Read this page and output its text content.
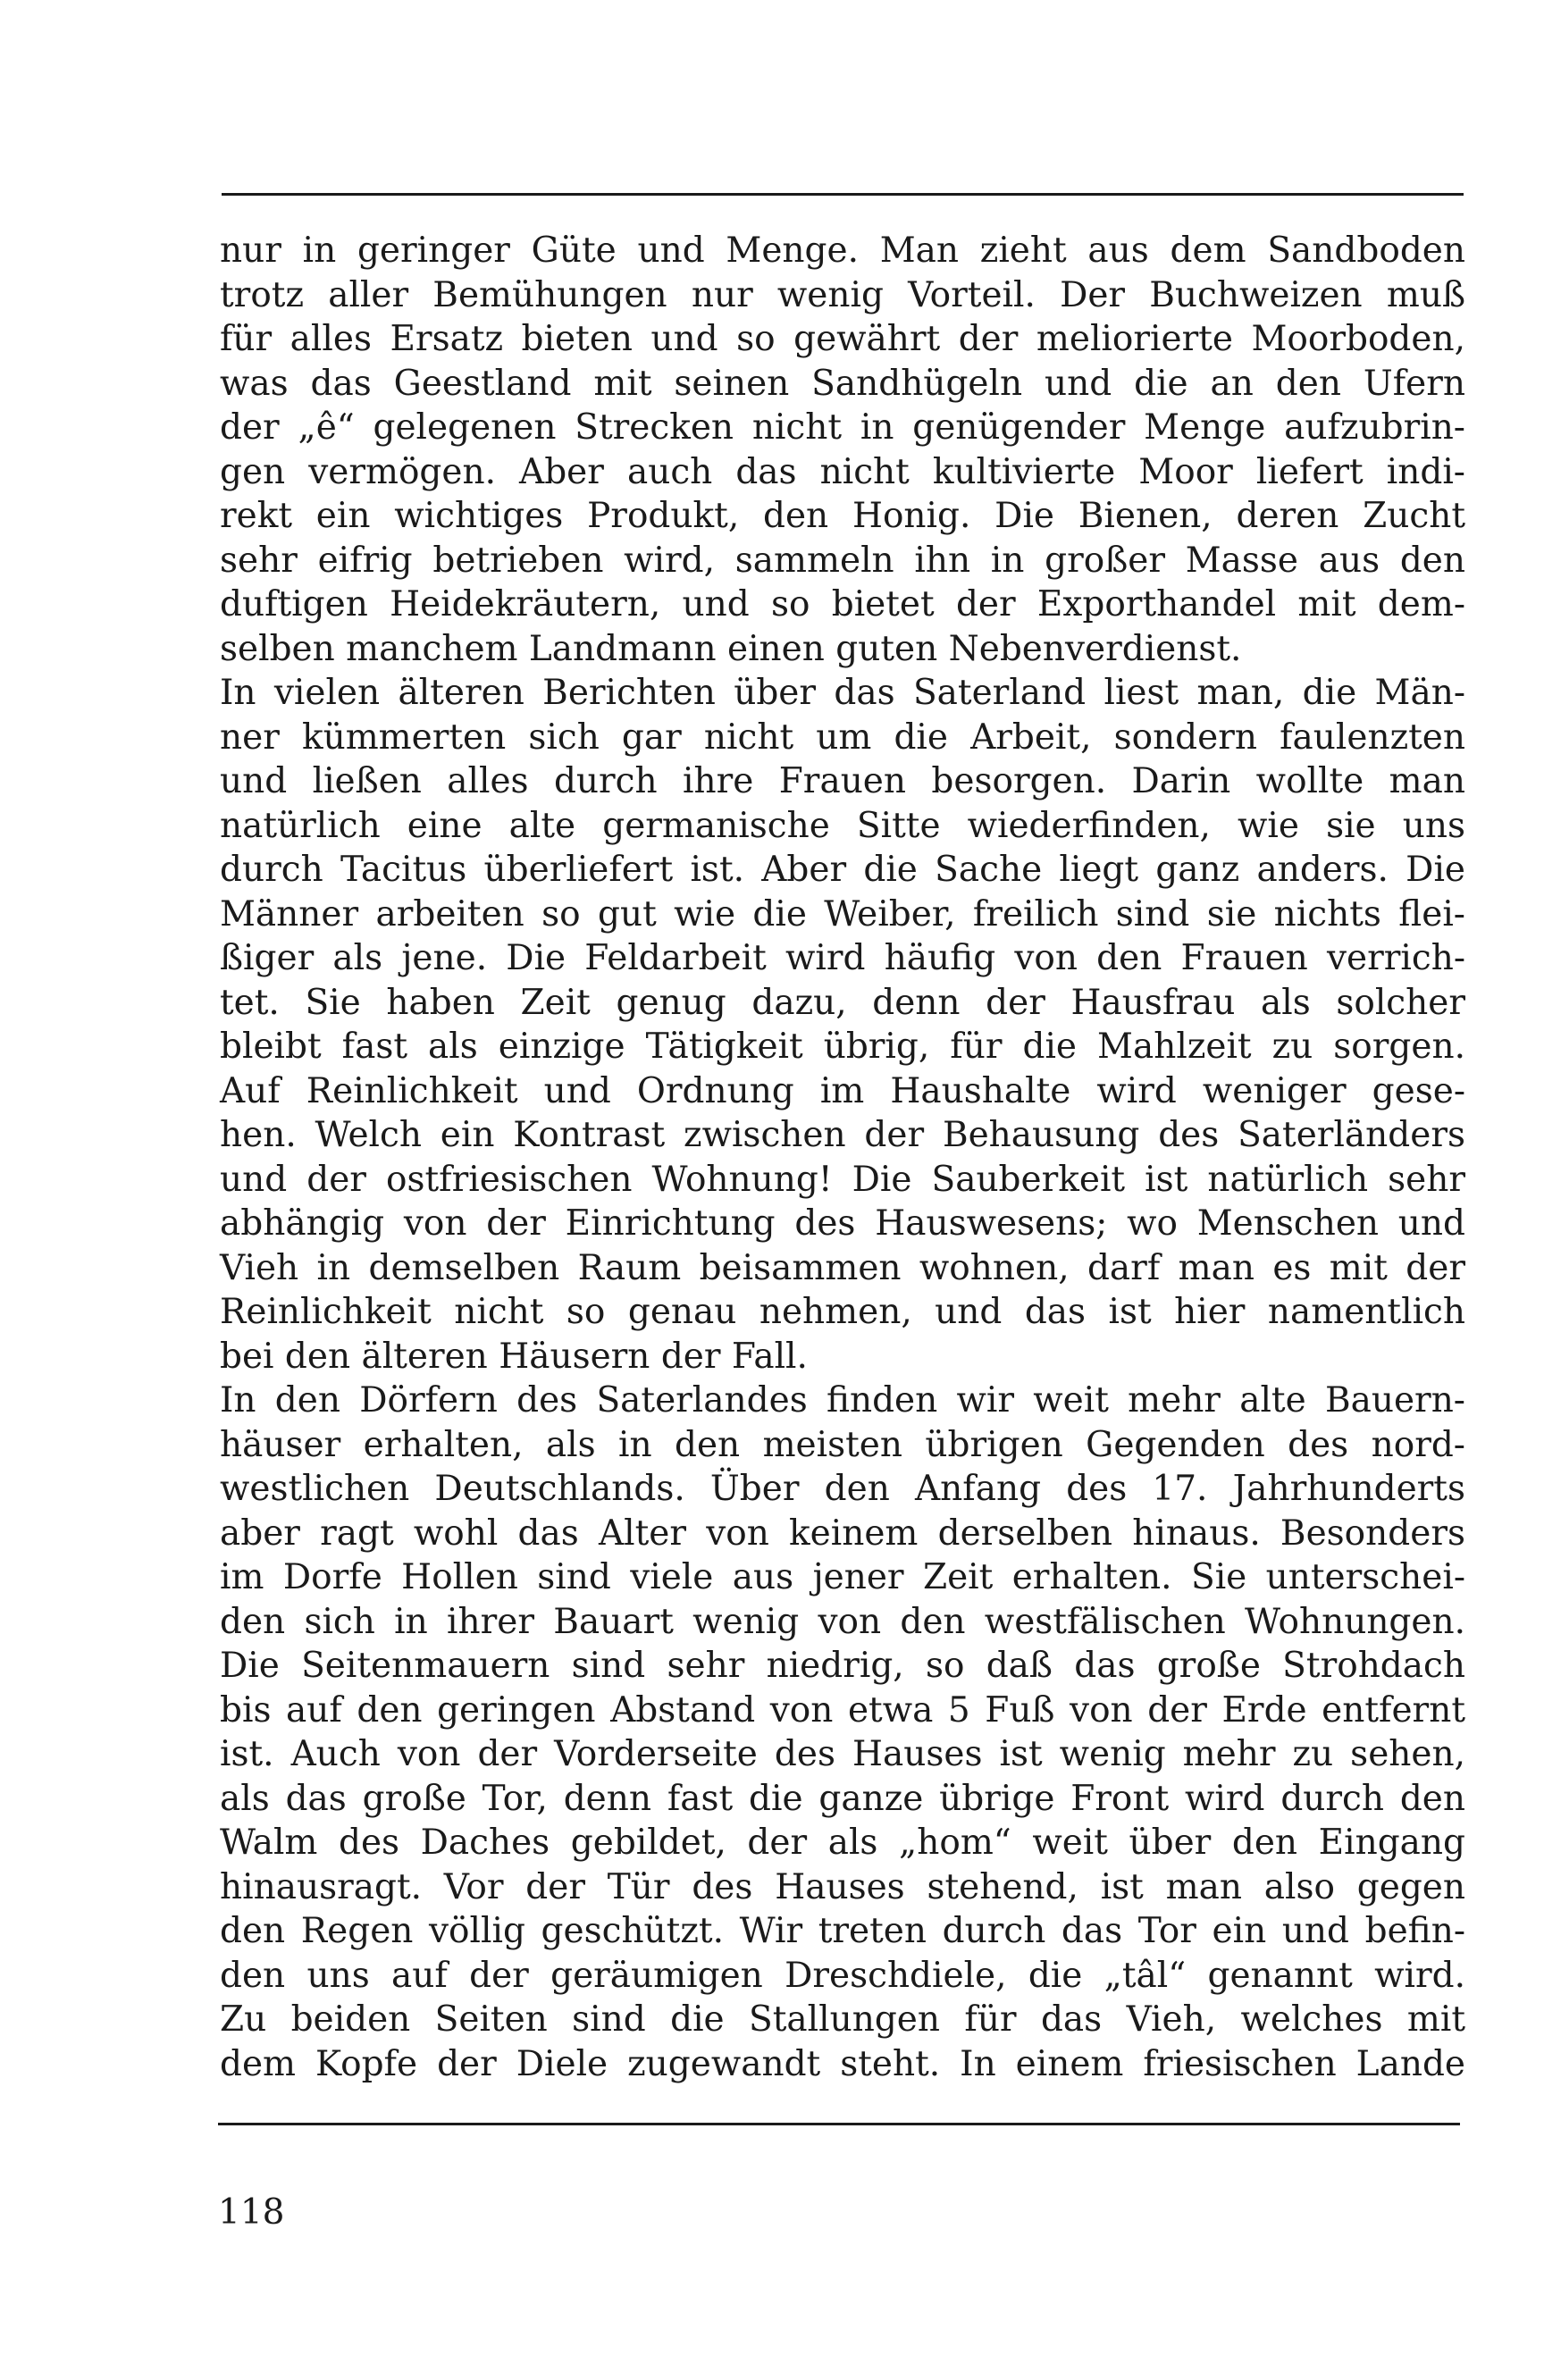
nur in geringer Güte und Menge. Man zieht aus dem Sandboden
trotz aller Bemühungen nur wenig Vorteil. Der Buchweizen muß
für alles Ersatz bieten und so gewährt der meliorierte Moorboden,
was das Geestland mit seinen Sandhügeln und die an den Ufern
der „ê“ gelegenen Strecken nicht in genügender Menge aufzubrin-
gen vermögen. Aber auch das nicht kultivierte Moor liefert indi-
rekt ein wichtiges Produkt, den Honig. Die Bienen, deren Zucht
sehr eifrig betrieben wird, sammeln ihn in großer Masse aus den
duftigen Heidekräutern, und so bietet der Exporthandel mit dem-
selben manchem Landmann einen guten Nebenverdienst.
In vielen älteren Berichten über das Saterland liest man, die Män-
ner kümmerten sich gar nicht um die Arbeit, sondern faulenzten
und ließen alles durch ihre Frauen besorgen. Darin wollte man
natürlich eine alte germanische Sitte wiederfinden, wie sie uns
durch Tacitus überliefert ist. Aber die Sache liegt ganz anders. Die
Männer arbeiten so gut wie die Weiber, freilich sind sie nichts flei-
ßiger als jene. Die Feldarbeit wird häufig von den Frauen verrich-
tet. Sie haben Zeit genug dazu, denn der Hausfrau als solcher
bleibt fast als einzige Tätigkeit übrig, für die Mahlzeit zu sorgen.
Auf Reinlichkeit und Ordnung im Haushalte wird weniger gese-
hen. Welch ein Kontrast zwischen der Behausung des Saterländers
und der ostfriesischen Wohnung! Die Sauberkeit ist natürlich sehr
abhängig von der Einrichtung des Hauswesens; wo Menschen und
Vieh in demselben Raum beisammen wohnen, darf man es mit der
Reinlichkeit nicht so genau nehmen, und das ist hier namentlich
bei den älteren Häusern der Fall.
In den Dörfern des Saterlandes finden wir weit mehr alte Bauern-
häuser erhalten, als in den meisten übrigen Gegenden des nord-
westlichen Deutschlands. Über den Anfang des 17. Jahrhunderts
aber ragt wohl das Alter von keinem derselben hinaus. Besonders
im Dorfe Hollen sind viele aus jener Zeit erhalten. Sie unterschei-
den sich in ihrer Bauart wenig von den westfälischen Wohnungen.
Die Seitenmauern sind sehr niedrig, so daß das große Strohdach
bis auf den geringen Abstand von etwa 5 Fuß von der Erde entfernt
ist. Auch von der Vorderseite des Hauses ist wenig mehr zu sehen,
als das große Tor, denn fast die ganze übrige Front wird durch den
Walm des Daches gebildet, der als „hom“ weit über den Eingang
hinausragt. Vor der Tür des Hauses stehend, ist man also gegen
den Regen völlig geschützt. Wir treten durch das Tor ein und befin-
den uns auf der geräumigen Dreschdiele, die „tâl“ genannt wird.
Zu beiden Seiten sind die Stallungen für das Vieh, welches mit
dem Kopfe der Diele zugewandt steht. In einem friesischen Lande
118
